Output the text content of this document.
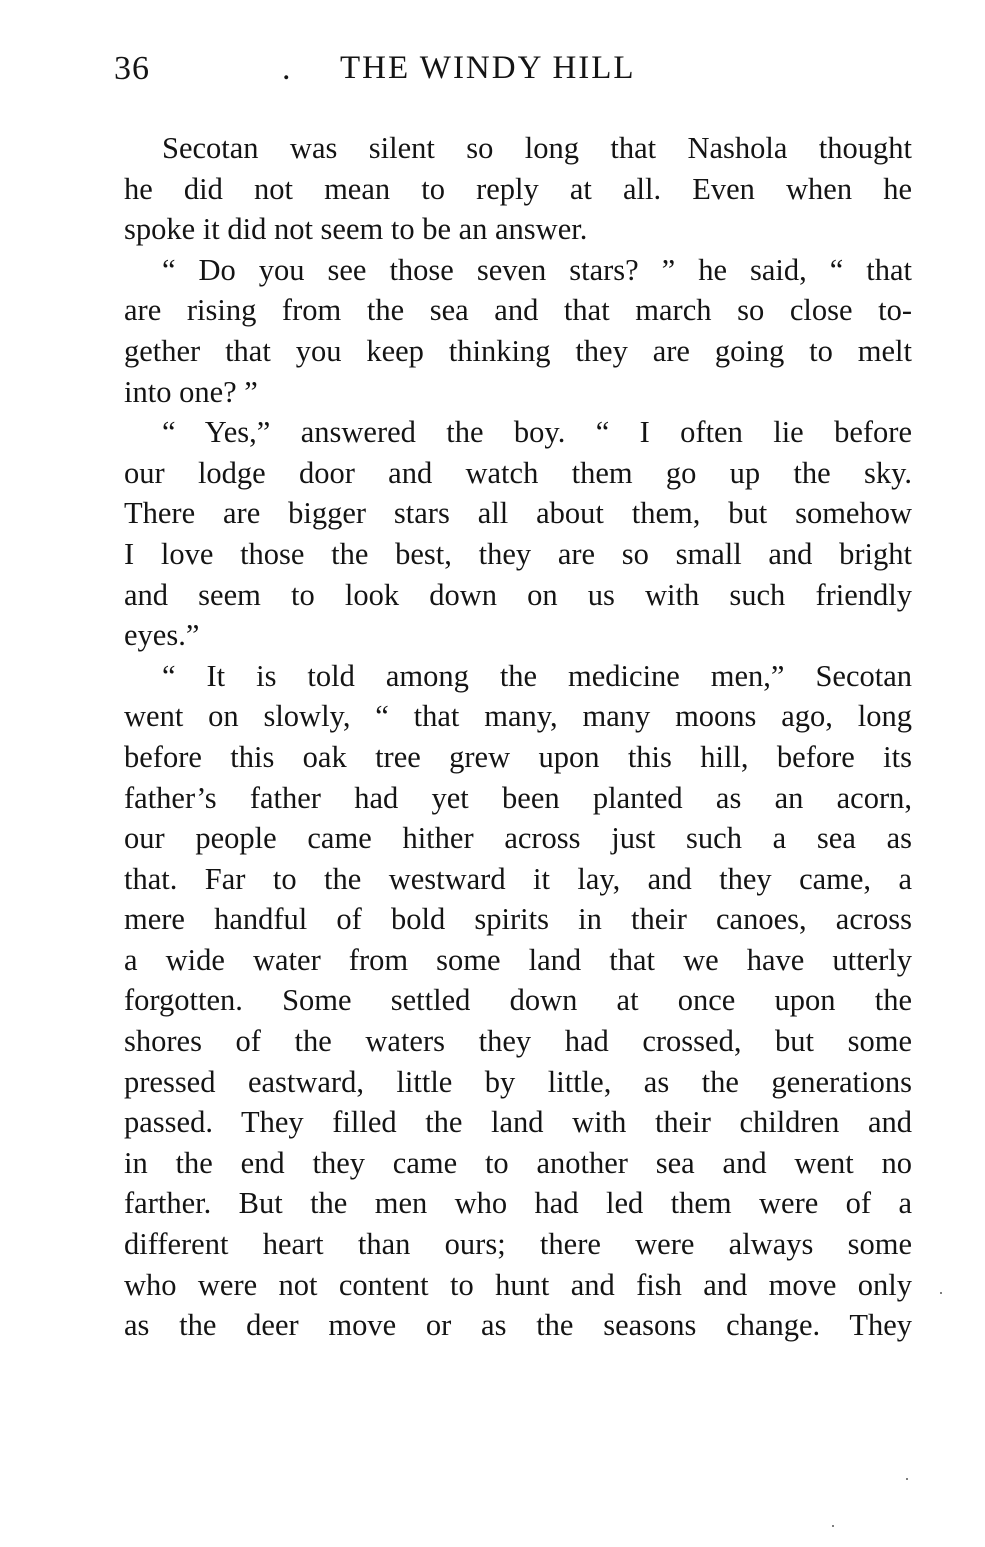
36	. THE WINDY HILL
Secotan was silent so long that Nashola thought
he did not mean to reply at all. Even when he
spoke it did not seem to be an answer.
“ Do you see those seven stars? ” he said, “ that
are rising from the sea and that march so close to-
gether that you keep thinking they are going to melt
into one? ”
“ Yes,” answered the boy. “ I often lie before
our lodge door and watch them go up the sky.
There are bigger stars all about them, but somehow
I love those the best, they are so small and bright
and seem to look down on us with such friendly
eyes.”
“ It is told among the medicine men,” Secotan
went on slowly, “ that many, many moons ago, long
before this oak tree grew upon this hill, before its
father’s father had yet been planted as an acorn,
our people came hither across just such a sea as
that. Far to the westward it lay, and they came, a
mere handful of bold spirits in their canoes, across
a wide water from some land that we have utterly
forgotten. Some settled down at once upon the
shores of the waters they had crossed, but some
pressed eastward, little by little, as the generations
passed. They filled the land with their children and
in the end they came to another sea and went no
farther. But the men who had led them were of a
different heart than ours; there were always some
who were not content to hunt and fish and move only
as the deer move or as the seasons change. They
